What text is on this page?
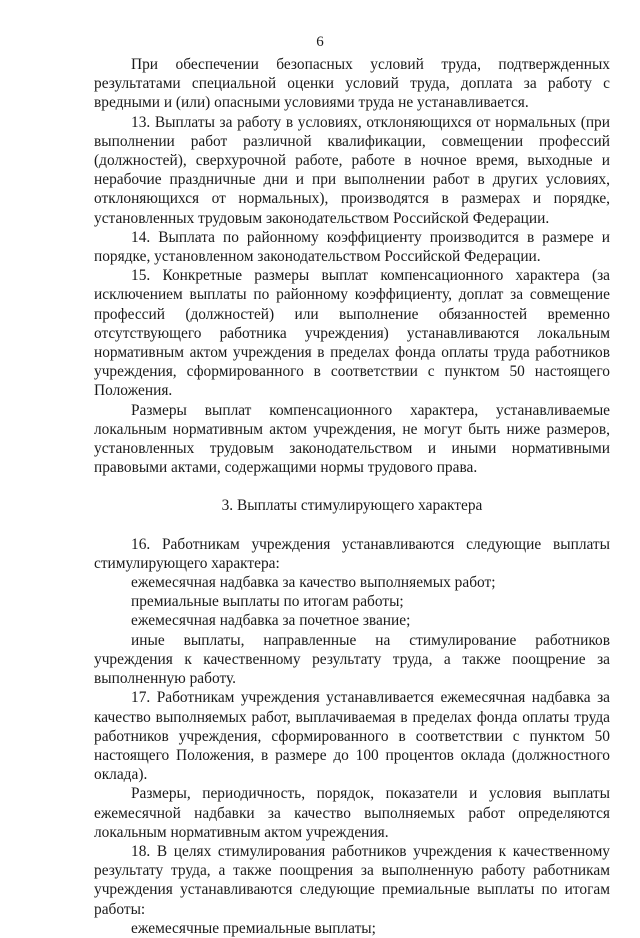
6

При обеспечении безопасных условий труда, подтвержденных результатами специальной оценки условий труда, доплата за работу с вредными и (или) опасными условиями труда не устанавливается.

13. Выплаты за работу в условиях, отклоняющихся от нормальных (при выполнении работ различной квалификации, совмещении профессий (должностей), сверхурочной работе, работе в ночное время, выходные и нерабочие праздничные дни и при выполнении работ в других условиях, отклоняющихся от нормальных), производятся в размерах и порядке, установленных трудовым законодательством Российской Федерации.

14. Выплата по районному коэффициенту производится в размере и порядке, установленном законодательством Российской Федерации.

15. Конкретные размеры выплат компенсационного характера (за исключением выплаты по районному коэффициенту, доплат за совмещение профессий (должностей) или выполнение обязанностей временно отсутствующего работника учреждения) устанавливаются локальным нормативным актом учреждения в пределах фонда оплаты труда работников учреждения, сформированного в соответствии с пунктом 50 настоящего Положения.

Размеры выплат компенсационного характера, устанавливаемые локальным нормативным актом учреждения, не могут быть ниже размеров, установленных трудовым законодательством и иными нормативными правовыми актами, содержащими нормы трудового права.

3. Выплаты стимулирующего характера

16. Работникам учреждения устанавливаются следующие выплаты стимулирующего характера:

ежемесячная надбавка за качество выполняемых работ;

премиальные выплаты по итогам работы;

ежемесячная надбавка за почетное звание;

иные выплаты, направленные на стимулирование работников учреждения к качественному результату труда, а также поощрение за выполненную работу.

17. Работникам учреждения устанавливается ежемесячная надбавка за качество выполняемых работ, выплачиваемая в пределах фонда оплаты труда работников учреждения, сформированного в соответствии с пунктом 50 настоящего Положения, в размере до 100 процентов оклада (должностного оклада).

Размеры, периодичность, порядок, показатели и условия выплаты ежемесячной надбавки за качество выполняемых работ определяются локальным нормативным актом учреждения.

18. В целях стимулирования работников учреждения к качественному результату труда, а также поощрения за выполненную работу работникам учреждения устанавливаются следующие премиальные выплаты по итогам работы:

ежемесячные премиальные выплаты;
